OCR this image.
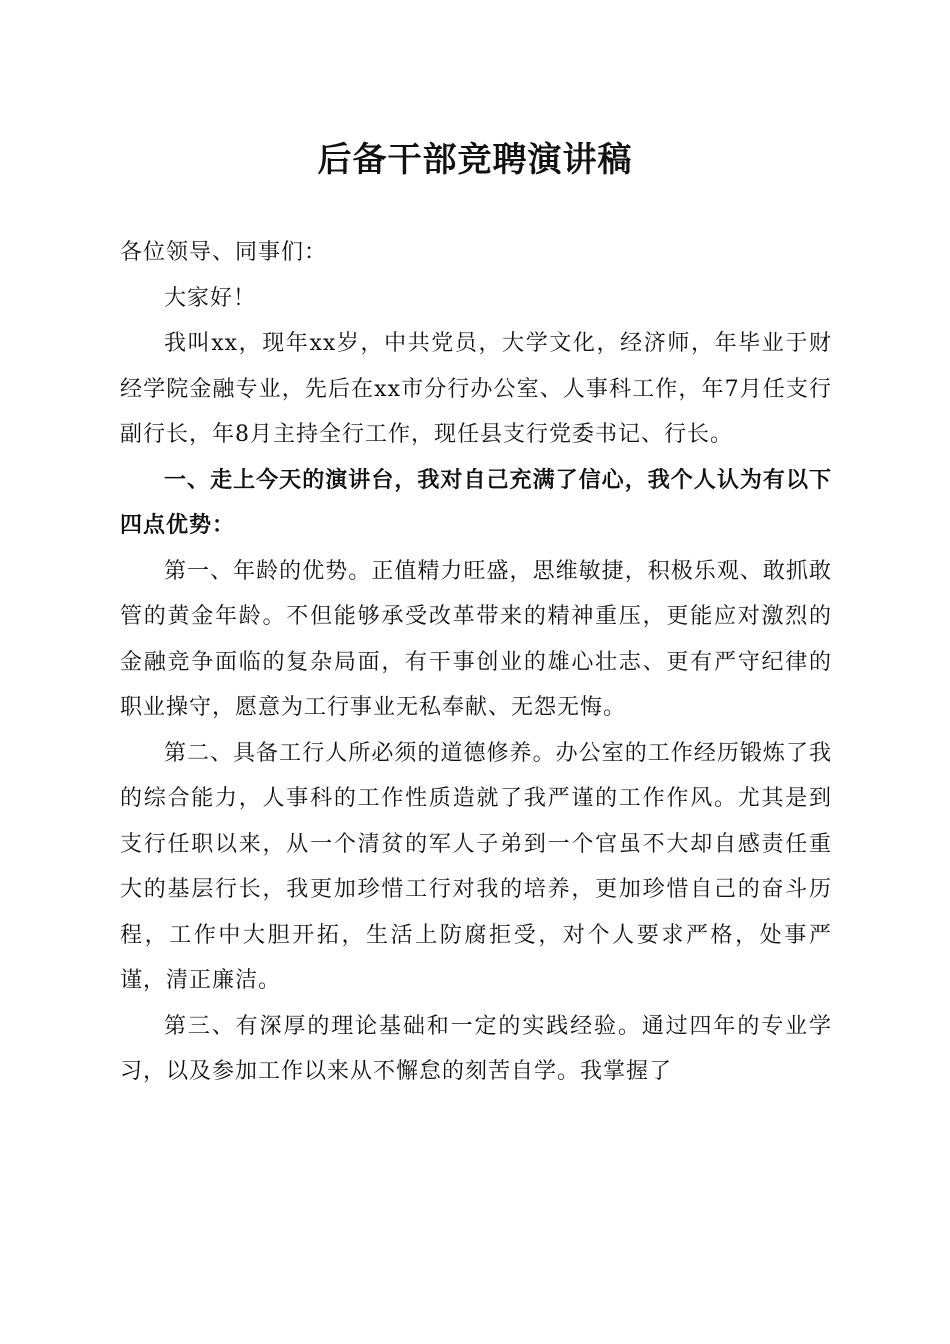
后备干部竞聘演讲稿

各位领导、同事们：

大家好！

我叫xx，现年xx岁，中共党员，大学文化，经济师，年毕业于财经学院金融专业，先后在xx市分行办公室、人事科工作，年7月任支行副行长，年8月主持全行工作，现任县支行党委书记、行长。

一、走上今天的演讲台，我对自己充满了信心，我个人认为有以下四点优势：

第一、年龄的优势。正值精力旺盛，思维敏捷，积极乐观、敢抓敢管的黄金年龄。不但能够承受改革带来的精神重压，更能应对激烈的金融竞争面临的复杂局面，有干事创业的雄心壮志、更有严守纪律的职业操守，愿意为工行事业无私奉献、无怨无悔。

第二、具备工行人所必须的道德修养。办公室的工作经历锻炼了我的综合能力，人事科的工作性质造就了我严谨的工作作风。尤其是到支行任职以来，从一个清贫的军人子弟到一个官虽不大却自感责任重大的基层行长，我更加珍惜工行对我的培养，更加珍惜自己的奋斗历程，工作中大胆开拓，生活上防腐拒受，对个人要求严格，处事严谨，清正廉洁。

第三、有深厚的理论基础和一定的实践经验。通过四年的专业学习，以及参加工作以来从不懈怠的刻苦自学。我掌握了
